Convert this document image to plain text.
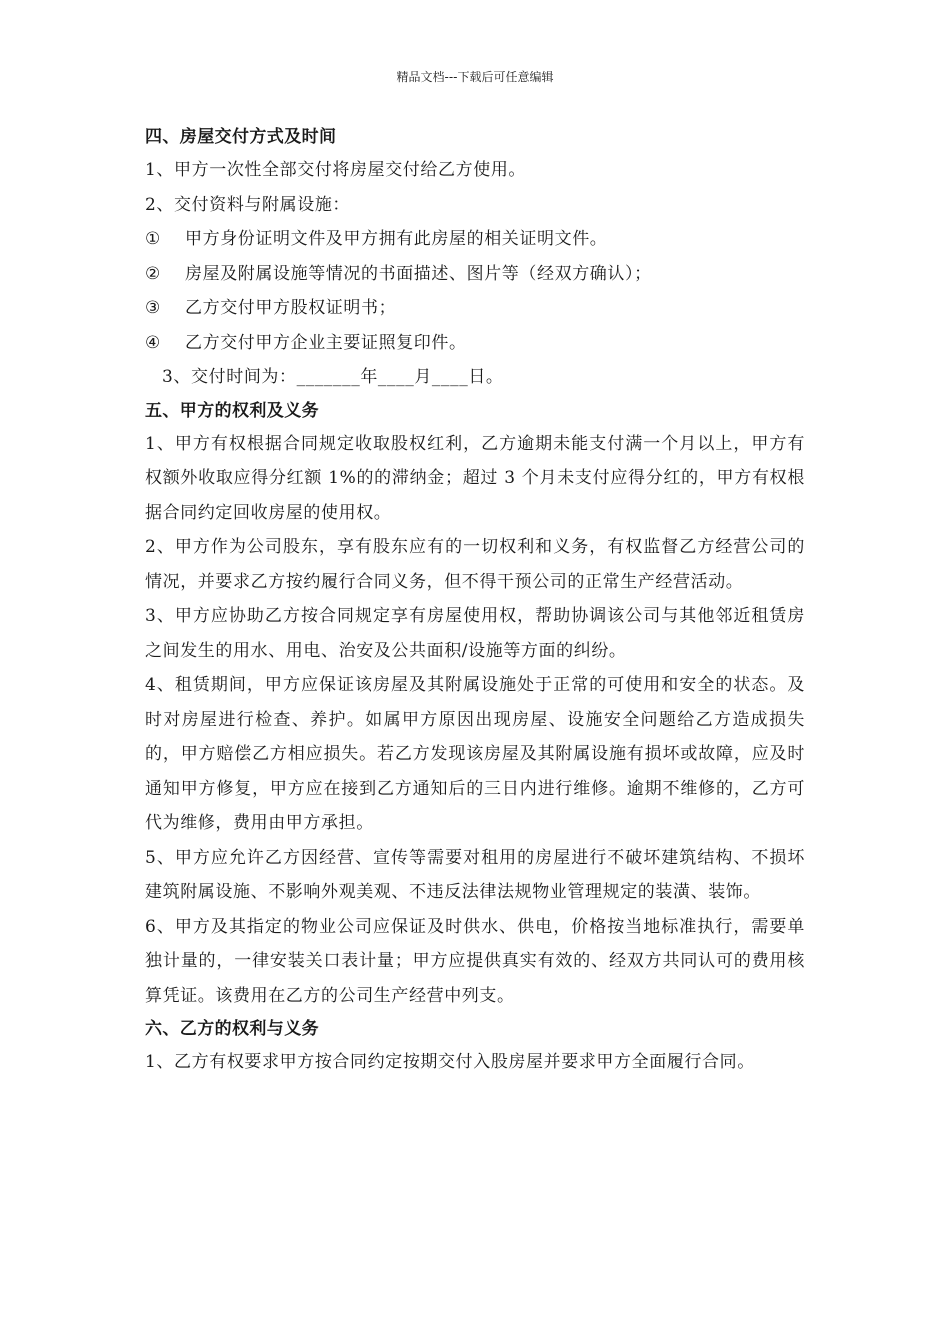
精品文档---下载后可任意编辑
四、房屋交付方式及时间
1、甲方一次性全部交付将房屋交付给乙方使用。
2、交付资料与附属设施：
①	甲方身份证明文件及甲方拥有此房屋的相关证明文件。
②	房屋及附属设施等情况的书面描述、图片等（经双方确认）；
③	乙方交付甲方股权证明书；
④	乙方交付甲方企业主要证照复印件。
3、交付时间为：_______年____月____日。
五、甲方的权利及义务
1、甲方有权根据合同规定收取股权红利，乙方逾期未能支付满一个月以上，甲方有权额外收取应得分红额 1%的的滞纳金；超过 3 个月未支付应得分红的，甲方有权根据合同约定回收房屋的使用权。
2、甲方作为公司股东，享有股东应有的一切权利和义务，有权监督乙方经营公司的情况，并要求乙方按约履行合同义务，但不得干预公司的正常生产经营活动。
3、甲方应协助乙方按合同规定享有房屋使用权，帮助协调该公司与其他邻近租赁房之间发生的用水、用电、治安及公共面积/设施等方面的纠纷。
4、租赁期间，甲方应保证该房屋及其附属设施处于正常的可使用和安全的状态。及时对房屋进行检查、养护。如属甲方原因出现房屋、设施安全问题给乙方造成损失的，甲方赔偿乙方相应损失。若乙方发现该房屋及其附属设施有损坏或故障，应及时通知甲方修复，甲方应在接到乙方通知后的三日内进行维修。逾期不维修的，乙方可代为维修，费用由甲方承担。
5、甲方应允许乙方因经营、宣传等需要对租用的房屋进行不破坏建筑结构、不损坏建筑附属设施、不影响外观美观、不违反法律法规物业管理规定的装潢、装饰。
6、甲方及其指定的物业公司应保证及时供水、供电，价格按当地标准执行，需要单独计量的，一律安装关口表计量；甲方应提供真实有效的、经双方共同认可的费用核算凭证。该费用在乙方的公司生产经营中列支。
六、乙方的权利与义务
1、乙方有权要求甲方按合同约定按期交付入股房屋并要求甲方全面履行合同。
